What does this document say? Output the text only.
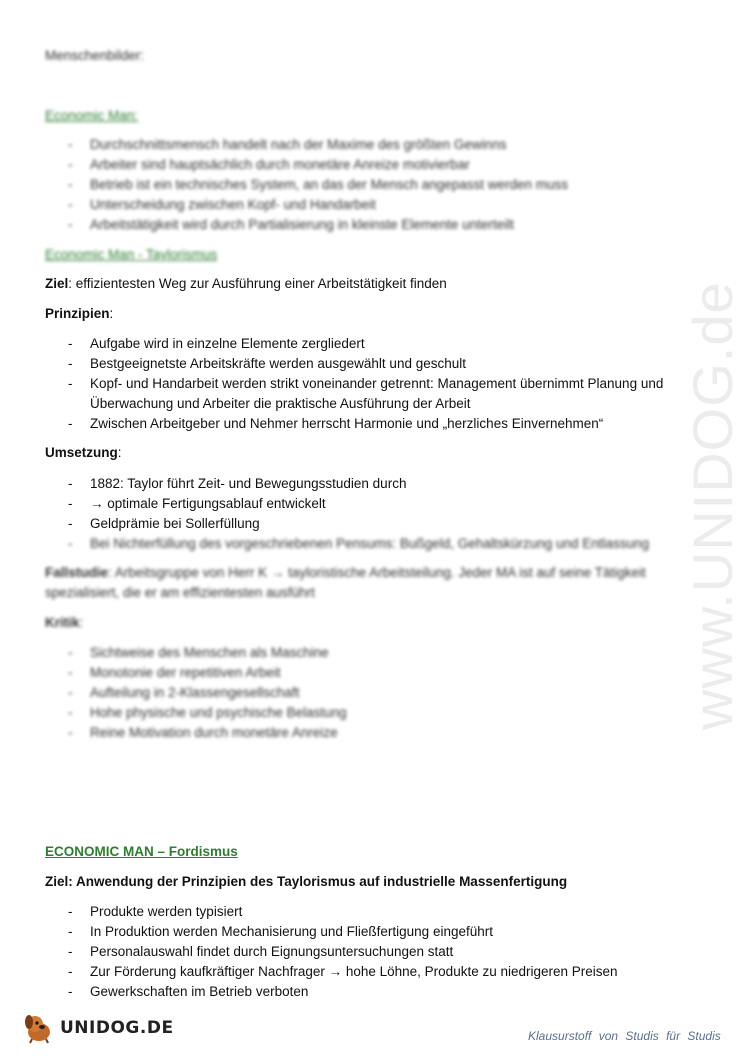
www.UNIDOG.de
Menschenbilder:
Economic Man:
- Durchschnittsmensch handelt nach der Maxime des größten Gewinns
- Arbeiter sind hauptsächlich durch monetäre Anreize motivierbar
- Betrieb ist ein technisches System, an das der Mensch angepasst werden muss
- Unterscheidung zwischen Kopf- und Handarbeit
- Arbeitstätigkeit wird durch Partialisierung in kleinste Elemente unterteilt
Economic Man - Taylorismus
Ziel: effizientesten Weg zur Ausführung einer Arbeitstätigkeit finden
Prinzipien:
- Aufgabe wird in einzelne Elemente zergliedert
- Bestgeeignetste Arbeitskräfte werden ausgewählt und geschult
- Kopf- und Handarbeit werden strikt voneinander getrennt: Management übernimmt Planung und
Überwachung und Arbeiter die praktische Ausführung der Arbeit
- Zwischen Arbeitgeber und Nehmer herrscht Harmonie und „herzliches Einvernehmen“
Umsetzung:
- 1882: Taylor führt Zeit- und Bewegungsstudien durch
- → optimale Fertigungsablauf entwickelt
- Geldprämie bei Sollerfüllung
- Bei Nichterfüllung des vorgeschriebenen Pensums: Bußgeld, Gehaltskürzung und Entlassung
Fallstudie: Arbeitsgruppe von Herr K → tayloristische Arbeitsteilung. Jeder MA ist auf seine Tätigkeit
spezialisiert, die er am effizientesten ausführt
Kritik:
- Sichtweise des Menschen als Maschine
- Monotonie der repetitiven Arbeit
- Aufteilung in 2-Klassengesellschaft
- Hohe physische und psychische Belastung
- Reine Motivation durch monetäre Anreize
ECONOMIC MAN – Fordismus
Ziel: Anwendung der Prinzipien des Taylorismus auf industrielle Massenfertigung
- Produkte werden typisiert
- In Produktion werden Mechanisierung und Fließfertigung eingeführt
- Personalauswahl findet durch Eignungsuntersuchungen statt
- Zur Förderung kaufkräftiger Nachfrager → hohe Löhne, Produkte zu niedrigeren Preisen
- Gewerkschaften im Betrieb verboten
UNIDOG.DE	Klausurstoff von Studis für Studis
